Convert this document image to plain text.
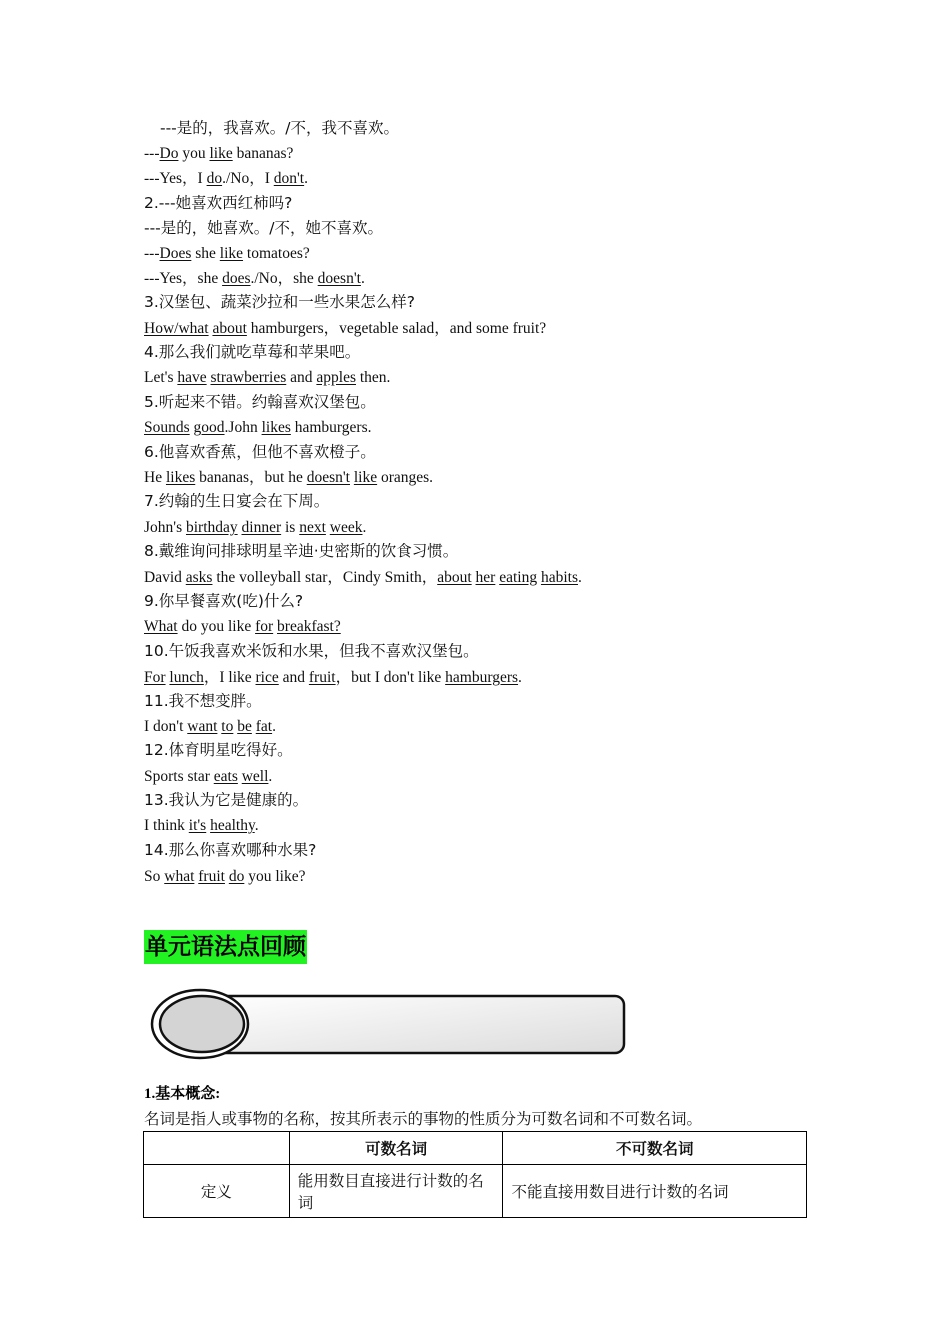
---是的，我喜欢。/不，我不喜欢。
---Do you like bananas?
---Yes，I do./No，I don't.
2.---她喜欢西红柿吗?
---是的，她喜欢。/不，她不喜欢。
---Does she like tomatoes?
---Yes，she does./No，she doesn't.
3.汉堡包、蔬菜沙拉和一些水果怎么样?
How/what about hamburgers，vegetable salad，and some fruit?
4.那么我们就吃草莓和苹果吧。
Let's have strawberries and apples then.
5.听起来不错。约翰喜欢汉堡包。
Sounds good.John likes hamburgers.
6.他喜欢香蕉，但他不喜欢橙子。
He likes bananas，but he doesn't like oranges.
7.约翰的生日宴会在下周。
John's birthday dinner is next week.
8.戴维询问排球明星辛迪·史密斯的饮食习惯。
David asks the volleyball star，Cindy Smith，about her eating habits.
9.你早餐喜欢(吃)什么?
What do you like for breakfast?
10.午饭我喜欢米饭和水果，但我不喜欢汉堡包。
For lunch，I like rice and fruit，but I don't like hamburgers.
11.我不想变胖。
I don't want to be fat.
12.体育明星吃得好。
Sports star eats well.
13.我认为它是健康的。
I think it's healthy.
14.那么你喜欢哪种水果?
So what fruit do you like?
单元语法点回顾
1.基本概念:
名词是指人或事物的名称，按其所表示的事物的性质分为可数名词和不可数名词。
	可数名词	不可数名词
定义	能用数目直接进行计数的名词	不能直接用数目进行计数的名词
